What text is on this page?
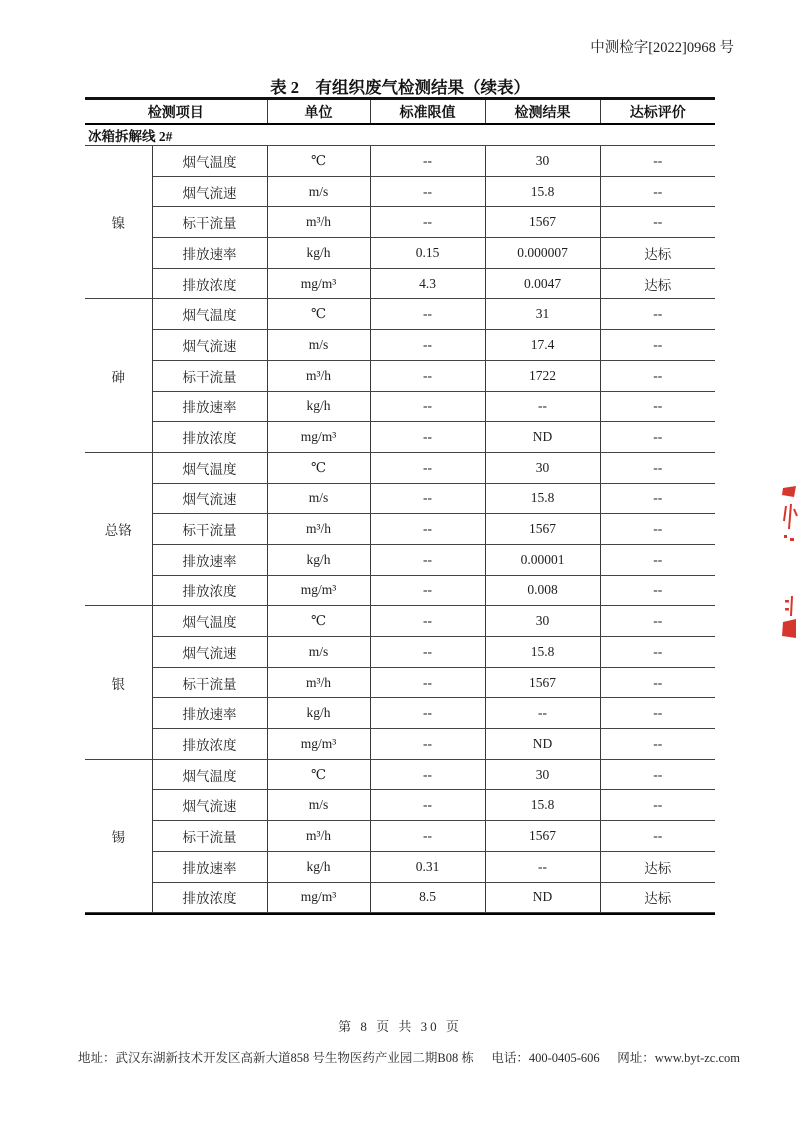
中测检字[2022]0968 号
表 2　有组织废气检测结果（续表）
检测项目		单位	标准限值	检测结果	达标评价
冰箱拆解线 2#					
镍	烟气温度	℃	--	30	--
	烟气流速	m/s	--	15.8	--
	标干流量	m³/h	--	1567	--
	排放速率	kg/h	0.15	0.000007	达标
	排放浓度	mg/m³	4.3	0.0047	达标
砷	烟气温度	℃	--	31	--
	烟气流速	m/s	--	17.4	--
	标干流量	m³/h	--	1722	--
	排放速率	kg/h	--	--	--
	排放浓度	mg/m³	--	ND	--
总铬	烟气温度	℃	--	30	--
	烟气流速	m/s	--	15.8	--
	标干流量	m³/h	--	1567	--
	排放速率	kg/h	--	0.00001	--
	排放浓度	mg/m³	--	0.008	--
银	烟气温度	℃	--	30	--
	烟气流速	m/s	--	15.8	--
	标干流量	m³/h	--	1567	--
	排放速率	kg/h	--	--	--
	排放浓度	mg/m³	--	ND	--
锡	烟气温度	℃	--	30	--
	烟气流速	m/s	--	15.8	--
	标干流量	m³/h	--	1567	--
	排放速率	kg/h	0.31	--	达标
	排放浓度	mg/m³	8.5	ND	达标
第 8 页 共 30 页
地址：武汉东湖新技术开发区高新大道858 号生物医药产业园二期B08 栋 电话：400-0405-606 网址：www.byt-zc.com
